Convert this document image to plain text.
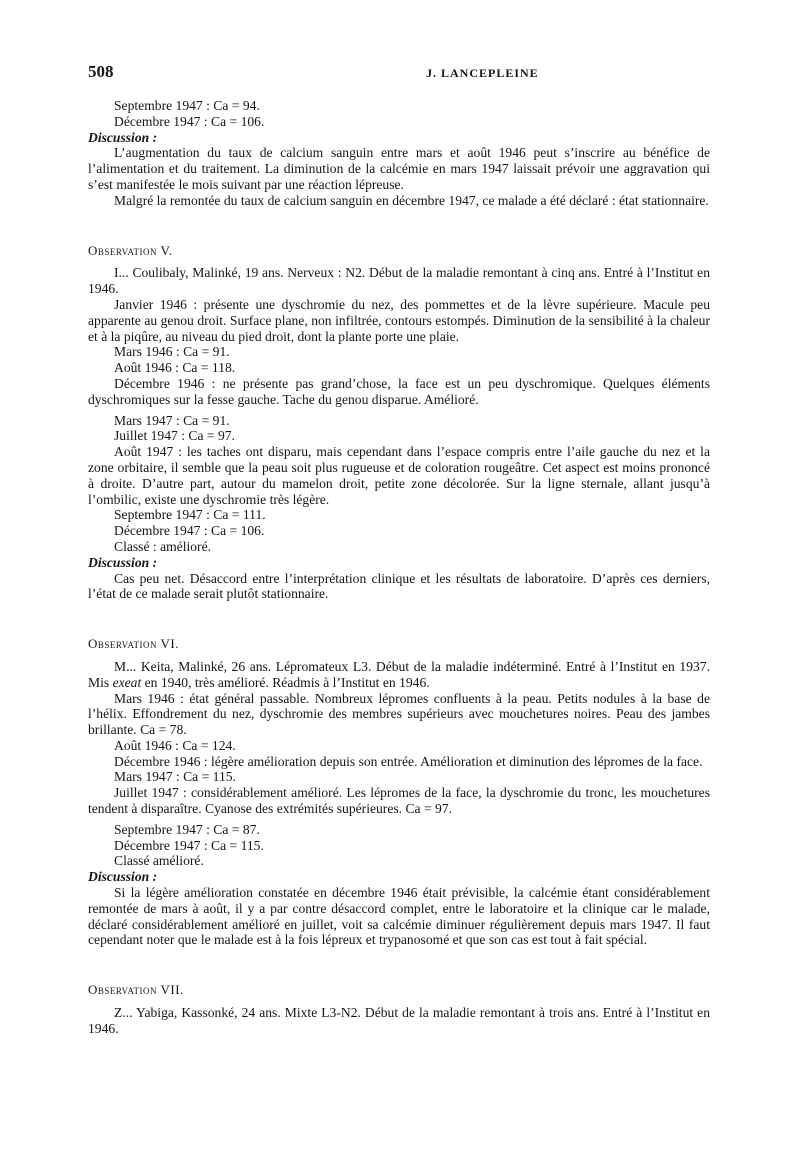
508	J. LANCEPLEINE

Septembre 1947 : Ca = 94.

Décembre 1947 : Ca = 106.

Discussion :

L’augmentation du taux de calcium sanguin entre mars et août 1946 peut s’inscrire au bénéfice de l’alimentation et du traitement. La diminution de la calcémie en mars 1947 laissait prévoir une aggravation qui s’est manifestée le mois suivant par une réaction lépreuse.

Malgré la remontée du taux de calcium sanguin en décembre 1947, ce malade a été déclaré : état stationnaire.

Observation V.

I... Coulibaly, Malinké, 19 ans. Nerveux : N2. Début de la maladie remontant à cinq ans. Entré à l’Institut en 1946.

Janvier 1946 : présente une dyschromie du nez, des pommettes et de la lèvre supérieure. Macule peu apparente au genou droit. Surface plane, non infiltrée, contours estompés. Diminution de la sensibilité à la chaleur et à la piqûre, au niveau du pied droit, dont la plante porte une plaie.

Mars 1946 : Ca = 91.

Août 1946 : Ca = 118.

Décembre 1946 : ne présente pas grand’chose, la face est un peu dyschromique. Quelques éléments dyschromiques sur la fesse gauche. Tache du genou disparue. Amélioré.

Mars 1947 : Ca = 91.

Juillet 1947 : Ca = 97.

Août 1947 : les taches ont disparu, mais cependant dans l’espace compris entre l’aile gauche du nez et la zone orbitaire, il semble que la peau soit plus rugueuse et de coloration rougeâtre. Cet aspect est moins prononcé à droite. D’autre part, autour du mamelon droit, petite zone décolorée. Sur la ligne sternale, allant jusqu’à l’ombilic, existe une dyschromie très légère.

Septembre 1947 : Ca = 111.

Décembre 1947 : Ca = 106.

Classé : amélioré.

Discussion :

Cas peu net. Désaccord entre l’interprétation clinique et les résultats de laboratoire. D’après ces derniers, l’état de ce malade serait plutôt stationnaire.

Observation VI.

M... Keita, Malinké, 26 ans. Lépromateux L3. Début de la maladie indéterminé. Entré à l’Institut en 1937. Mis exeat en 1940, très amélioré. Réadmis à l’Institut en 1946.

Mars 1946 : état général passable. Nombreux lépromes confluents à la peau. Petits nodules à la base de l’hélix. Effondrement du nez, dyschromie des membres supérieurs avec mouchetures noires. Peau des jambes brillante. Ca = 78.

Août 1946 : Ca = 124.

Décembre 1946 : légère amélioration depuis son entrée. Amélioration et diminution des lépromes de la face.

Mars 1947 : Ca = 115.

Juillet 1947 : considérablement amélioré. Les lépromes de la face, la dyschromie du tronc, les mouchetures tendent à disparaître. Cyanose des extrémités supérieures. Ca = 97.

Septembre 1947 : Ca = 87.

Décembre 1947 : Ca = 115.

Classé amélioré.

Discussion :

Si la légère amélioration constatée en décembre 1946 était prévisible, la calcémie étant considérablement remontée de mars à août, il y a par contre désaccord complet, entre le laboratoire et la clinique car le malade, déclaré considérablement amélioré en juillet, voit sa calcémie diminuer régulièrement depuis mars 1947. Il faut cependant noter que le malade est à la fois lépreux et trypanosomé et que son cas est tout à fait spécial.

Observation VII.

Z... Yabiga, Kassonké, 24 ans. Mixte L3-N2. Début de la maladie remontant à trois ans. Entré à l’Institut en 1946.
